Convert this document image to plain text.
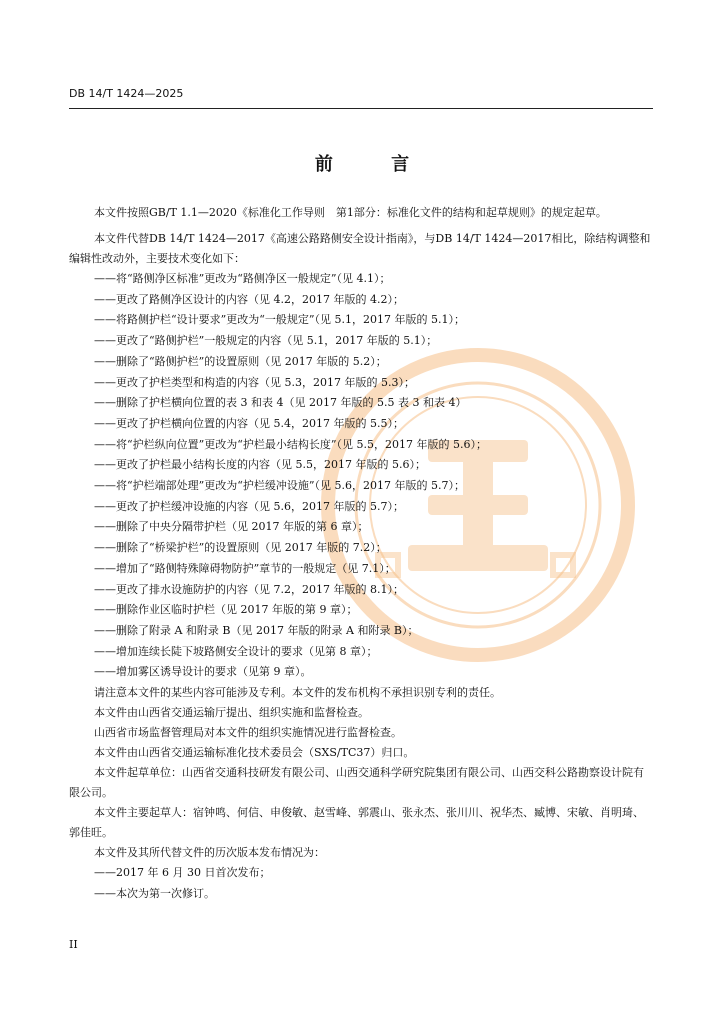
DB 14/T 1424—2025
前 言

本文件按照GB/T 1.1—2020《标准化工作导则　第1部分：标准化文件的结构和起草规则》的规定起草。

本文件代替DB 14/T 1424—2017《高速公路路侧安全设计指南》，与DB 14/T 1424—2017相比，除结构调整和编辑性改动外，主要技术变化如下：

——将“路侧净区标准”更改为“路侧净区一般规定”（见 4.1）；

——更改了路侧净区设计的内容（见 4.2，2017 年版的 4.2）；

——将路侧护栏“设计要求”更改为“一般规定”（见 5.1，2017 年版的 5.1）；

——更改了“路侧护栏”一般规定的内容（见 5.1，2017 年版的 5.1）；

——删除了“路侧护栏”的设置原则（见 2017 年版的 5.2）；

——更改了护栏类型和构造的内容（见 5.3，2017 年版的 5.3）；

——删除了护栏横向位置的表 3 和表 4（见 2017 年版的 5.5 表 3 和表 4）

——更改了护栏横向位置的内容（见 5.4，2017 年版的 5.5）；

——将“护栏纵向位置”更改为“护栏最小结构长度”（见 5.5，2017 年版的 5.6）；

——更改了护栏最小结构长度的内容（见 5.5，2017 年版的 5.6）；

——将“护栏端部处理”更改为“护栏缓冲设施”（见 5.6，2017 年版的 5.7）；

——更改了护栏缓冲设施的内容（见 5.6，2017 年版的 5.7）；

——删除了中央分隔带护栏（见 2017 年版的第 6 章）；

——删除了“桥梁护栏”的设置原则（见 2017 年版的 7.2）；

——增加了“路侧特殊障碍物防护”章节的一般规定（见 7.1）；

——更改了排水设施防护的内容（见 7.2，2017 年版的 8.1）；

——删除作业区临时护栏（见 2017 年版的第 9 章）；

——删除了附录 A 和附录 B（见 2017 年版的附录 A 和附录 B）；

——增加连续长陡下坡路侧安全设计的要求（见第 8 章）；

——增加雾区诱导设计的要求（见第 9 章）。

请注意本文件的某些内容可能涉及专利。本文件的发布机构不承担识别专利的责任。

本文件由山西省交通运输厅提出、组织实施和监督检查。

山西省市场监督管理局对本文件的组织实施情况进行监督检查。

本文件由山西省交通运输标准化技术委员会（SXS/TC37）归口。

本文件起草单位：山西省交通科技研发有限公司、山西交通科学研究院集团有限公司、山西交科公路勘察设计院有限公司。

本文件主要起草人：宿钟鸣、何信、申俊敏、赵雪峰、郭震山、张永杰、张川川、祝华杰、臧博、宋敏、肖明琦、郭佳旺。

本文件及其所代替文件的历次版本发布情况为：

——2017 年 6 月 30 日首次发布；

——本次为第一次修订。

II
